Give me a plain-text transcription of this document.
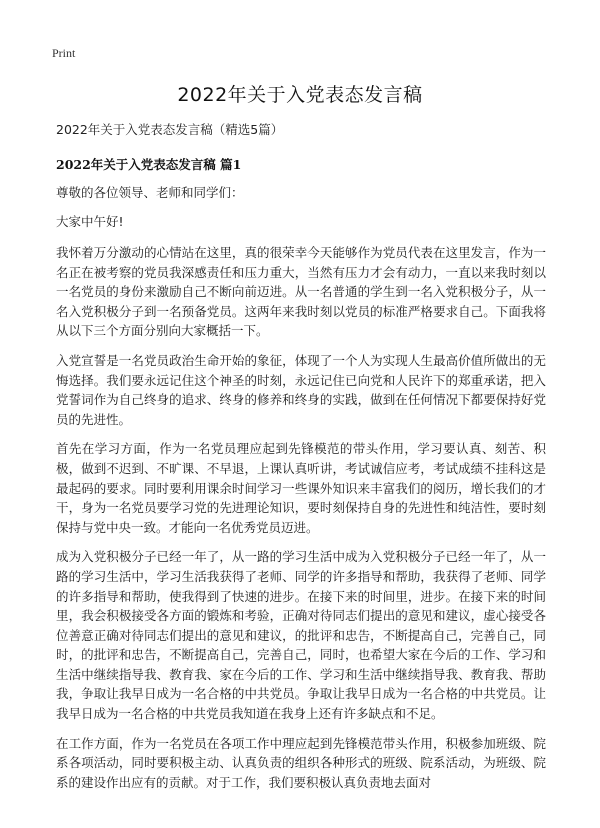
Print
2022年关于入党表态发言稿

2022年关于入党表态发言稿（精选5篇）

2022年关于入党表态发言稿 篇1

尊敬的各位领导、老师和同学们：

大家中午好!

我怀着万分激动的心情站在这里，真的很荣幸今天能够作为党员代表在这里发言，作为一名正在被考察的党员我深感责任和压力重大，当然有压力才会有动力，一直以来我时刻以一名党员的身份来激励自己不断向前迈进。从一名普通的学生到一名入党积极分子，从一名入党积极分子到一名预备党员。这两年来我时刻以党员的标准严格要求自己。下面我将从以下三个方面分别向大家概括一下。

入党宣誓是一名党员政治生命开始的象征，体现了一个人为实现人生最高价值所做出的无悔选择。我们要永远记住这个神圣的时刻，永远记住已向党和人民许下的郑重承诺，把入党誓词作为自己终身的追求、终身的修养和终身的实践，做到在任何情况下都要保持好党员的先进性。

首先在学习方面，作为一名党员理应起到先锋模范的带头作用，学习要认真、刻苦、积极，做到不迟到、不旷课、不早退，上课认真听讲，考试诚信应考，考试成绩不挂科这是最起码的要求。同时要利用课余时间学习一些课外知识来丰富我们的阅历，增长我们的才干，身为一名党员要学习党的先进理论知识，要时刻保持自身的先进性和纯洁性，要时刻保持与党中央一致。才能向一名优秀党员迈进。

成为入党积极分子已经一年了，从一路的学习生活中成为入党积极分子已经一年了，从一路的学习生活中，学习生活我获得了老师、同学的许多指导和帮助，我获得了老师、同学的许多指导和帮助，使我得到了快速的进步。在接下来的时间里，进步。在接下来的时间里，我会积极接受各方面的锻炼和考验，正确对待同志们提出的意见和建议，虚心接受各位善意正确对待同志们提出的意见和建议，的批评和忠告，不断提高自己，完善自己，同时，的批评和忠告，不断提高自己，完善自己，同时，也希望大家在今后的工作、学习和生活中继续指导我、教育我、家在今后的工作、学习和生活中继续指导我、教育我、帮助我，争取让我早日成为一名合格的中共党员。争取让我早日成为一名合格的中共党员。让我早日成为一名合格的中共党员我知道在我身上还有许多缺点和不足。

在工作方面，作为一名党员在各项工作中理应起到先锋模范带头作用，积极参加班级、院系各项活动，同时要积极主动、认真负责的组织各种形式的班级、院系活动，为班级、院系的建设作出应有的贡献。对于工作，我们要积极认真负责地去面对
